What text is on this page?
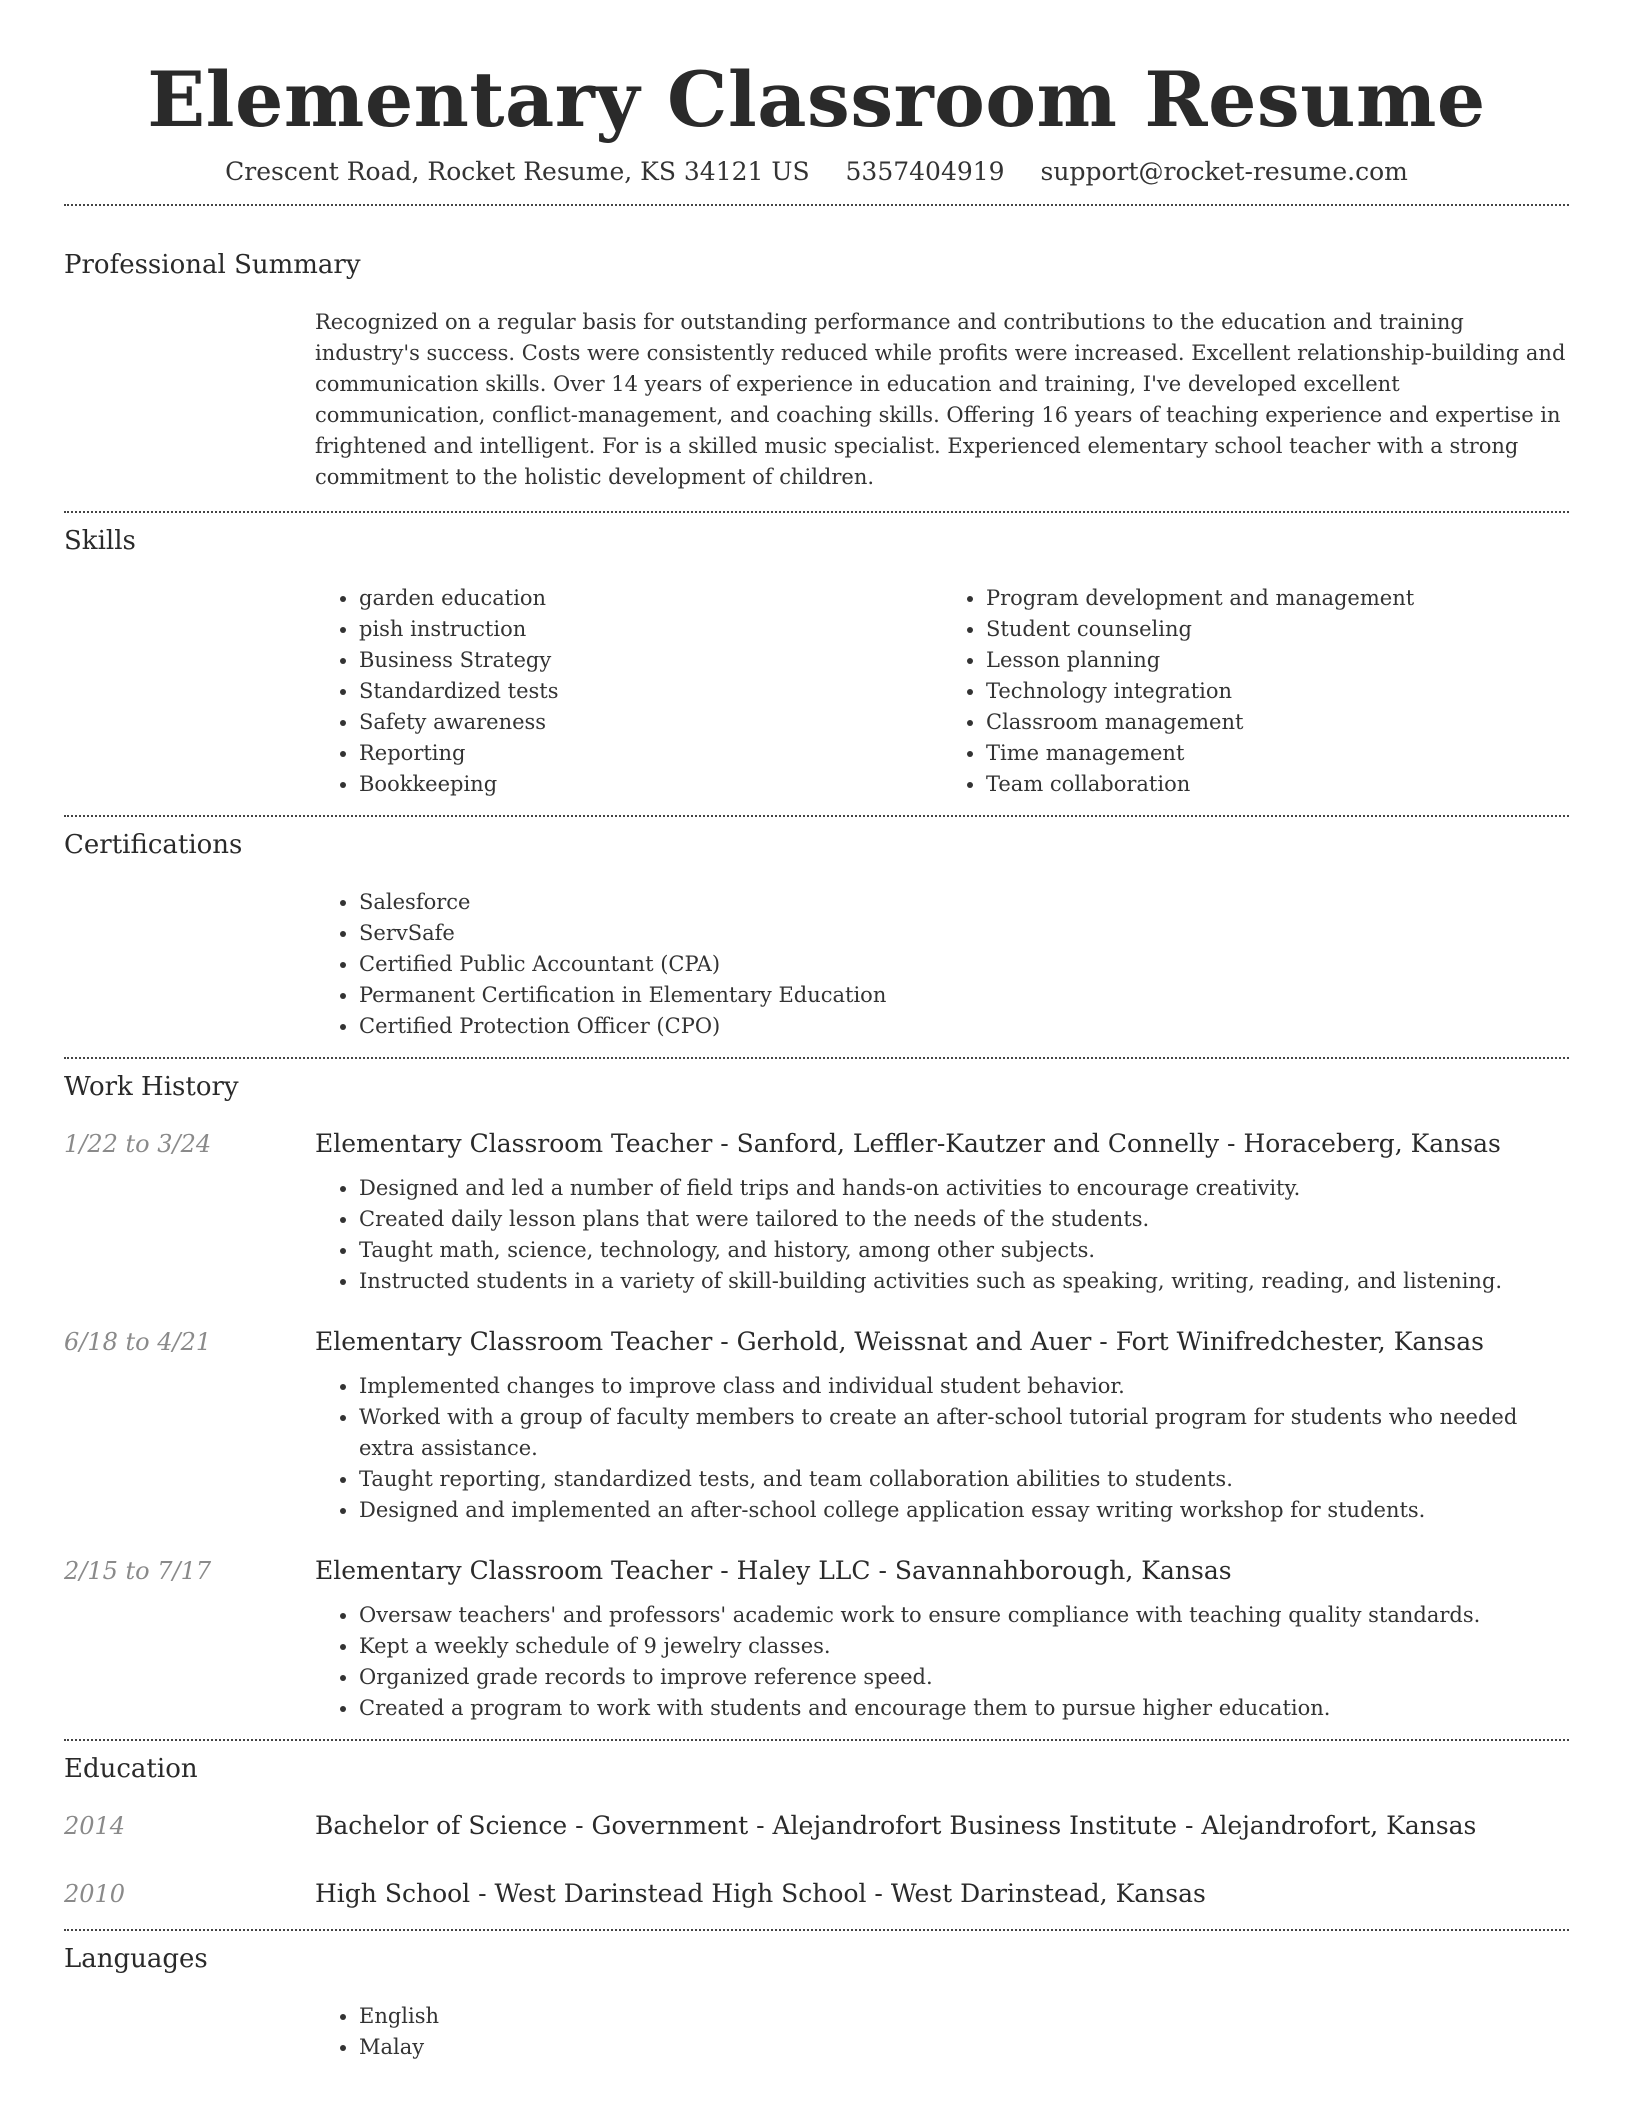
Elementary Classroom Resume
Crescent Road, Rocket Resume, KS 34121 US 5357404919 support@rocket-resume.com
Professional Summary
Recognized on a regular basis for outstanding performance and contributions to the education and training industry's success. Costs were consistently reduced while profits were increased. Excellent relationship-building and communication skills. Over 14 years of experience in education and training, I've developed excellent communication, conflict-management, and coaching skills. Offering 16 years of teaching experience and expertise in frightened and intelligent. For is a skilled music specialist. Experienced elementary school teacher with a strong commitment to the holistic development of children.
Skills
• garden education
• pish instruction
• Business Strategy
• Standardized tests
• Safety awareness
• Reporting
• Bookkeeping
• Program development and management
• Student counseling
• Lesson planning
• Technology integration
• Classroom management
• Time management
• Team collaboration
Certifications
• Salesforce
• ServSafe
• Certified Public Accountant (CPA)
• Permanent Certification in Elementary Education
• Certified Protection Officer (CPO)
Work History
1/22 to 3/24	Elementary Classroom Teacher - Sanford, Leffler-Kautzer and Connelly - Horaceberg, Kansas
• Designed and led a number of field trips and hands-on activities to encourage creativity.
• Created daily lesson plans that were tailored to the needs of the students.
• Taught math, science, technology, and history, among other subjects.
• Instructed students in a variety of skill-building activities such as speaking, writing, reading, and listening.
6/18 to 4/21	Elementary Classroom Teacher - Gerhold, Weissnat and Auer - Fort Winifredchester, Kansas
• Implemented changes to improve class and individual student behavior.
• Worked with a group of faculty members to create an after-school tutorial program for students who needed extra assistance.
• Taught reporting, standardized tests, and team collaboration abilities to students.
• Designed and implemented an after-school college application essay writing workshop for students.
2/15 to 7/17	Elementary Classroom Teacher - Haley LLC - Savannahborough, Kansas
• Oversaw teachers' and professors' academic work to ensure compliance with teaching quality standards.
• Kept a weekly schedule of 9 jewelry classes.
• Organized grade records to improve reference speed.
• Created a program to work with students and encourage them to pursue higher education.
Education
2014	Bachelor of Science - Government - Alejandrofort Business Institute - Alejandrofort, Kansas
2010	High School - West Darinstead High School - West Darinstead, Kansas
Languages
• English
• Malay
